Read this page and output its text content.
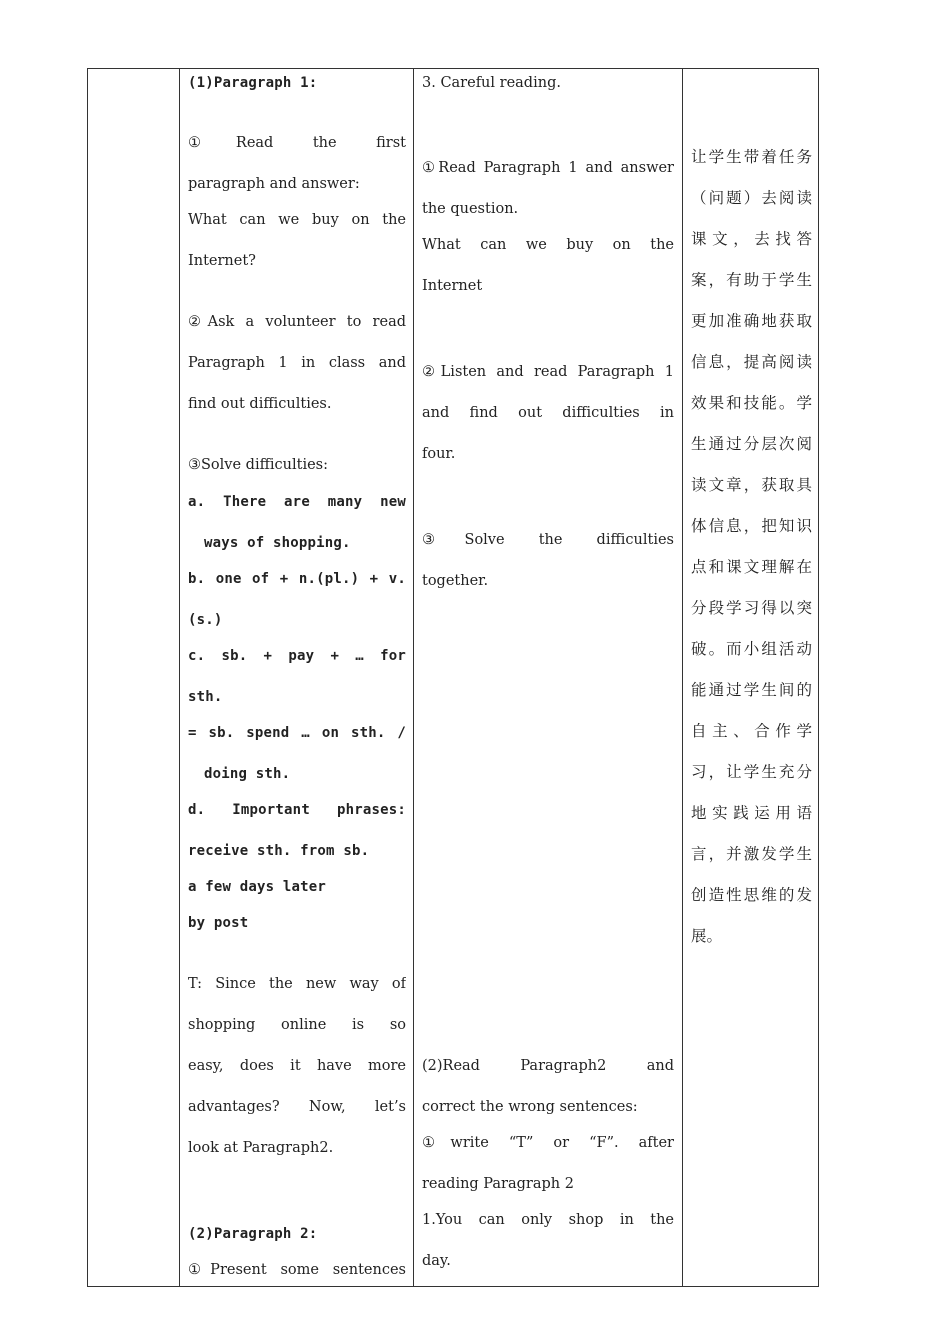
(1)Paragraph 1:
①Read the first
paragraph and answer:
What can we buy on the
Internet?
②Ask a volunteer to read
Paragraph 1 in class and
find out difficulties.
③Solve difficulties:
a. There are many new
ways of shopping.
b. one of + n.(pl.) + v.
(s.)
c. sb. + pay + … for
sth.
= sb. spend … on sth. /
doing sth.
d. Important phrases:
receive sth. from sb.
a few days later
by post
T: Since the new way of
shopping online is so
easy, does it have more
advantages? Now, let’s
look at Paragraph2.
(2)Paragraph 2:
①Present some sentences
3. Careful reading.
①Read Paragraph 1 and answer
the question.
What can we buy on the
Internet
②Listen and read Paragraph 1
and find out difficulties in
four.
③Solve the difficulties
together.
(2)Read Paragraph2 and
correct the wrong sentences:
①write “T” or “F”. after
reading Paragraph 2
1.You can only shop in the
day.
让学生带着任务
（问题）去阅读
课文，去找答
案，有助于学生
更加准确地获取
信息，提高阅读
效果和技能。学
生通过分层次阅
读文章，获取具
体信息，把知识
点和课文理解在
分段学习得以突
破。而小组活动
能通过学生间的
自主、合作学
习，让学生充分
地实践运用语
言，并激发学生
创造性思维的发
展。
